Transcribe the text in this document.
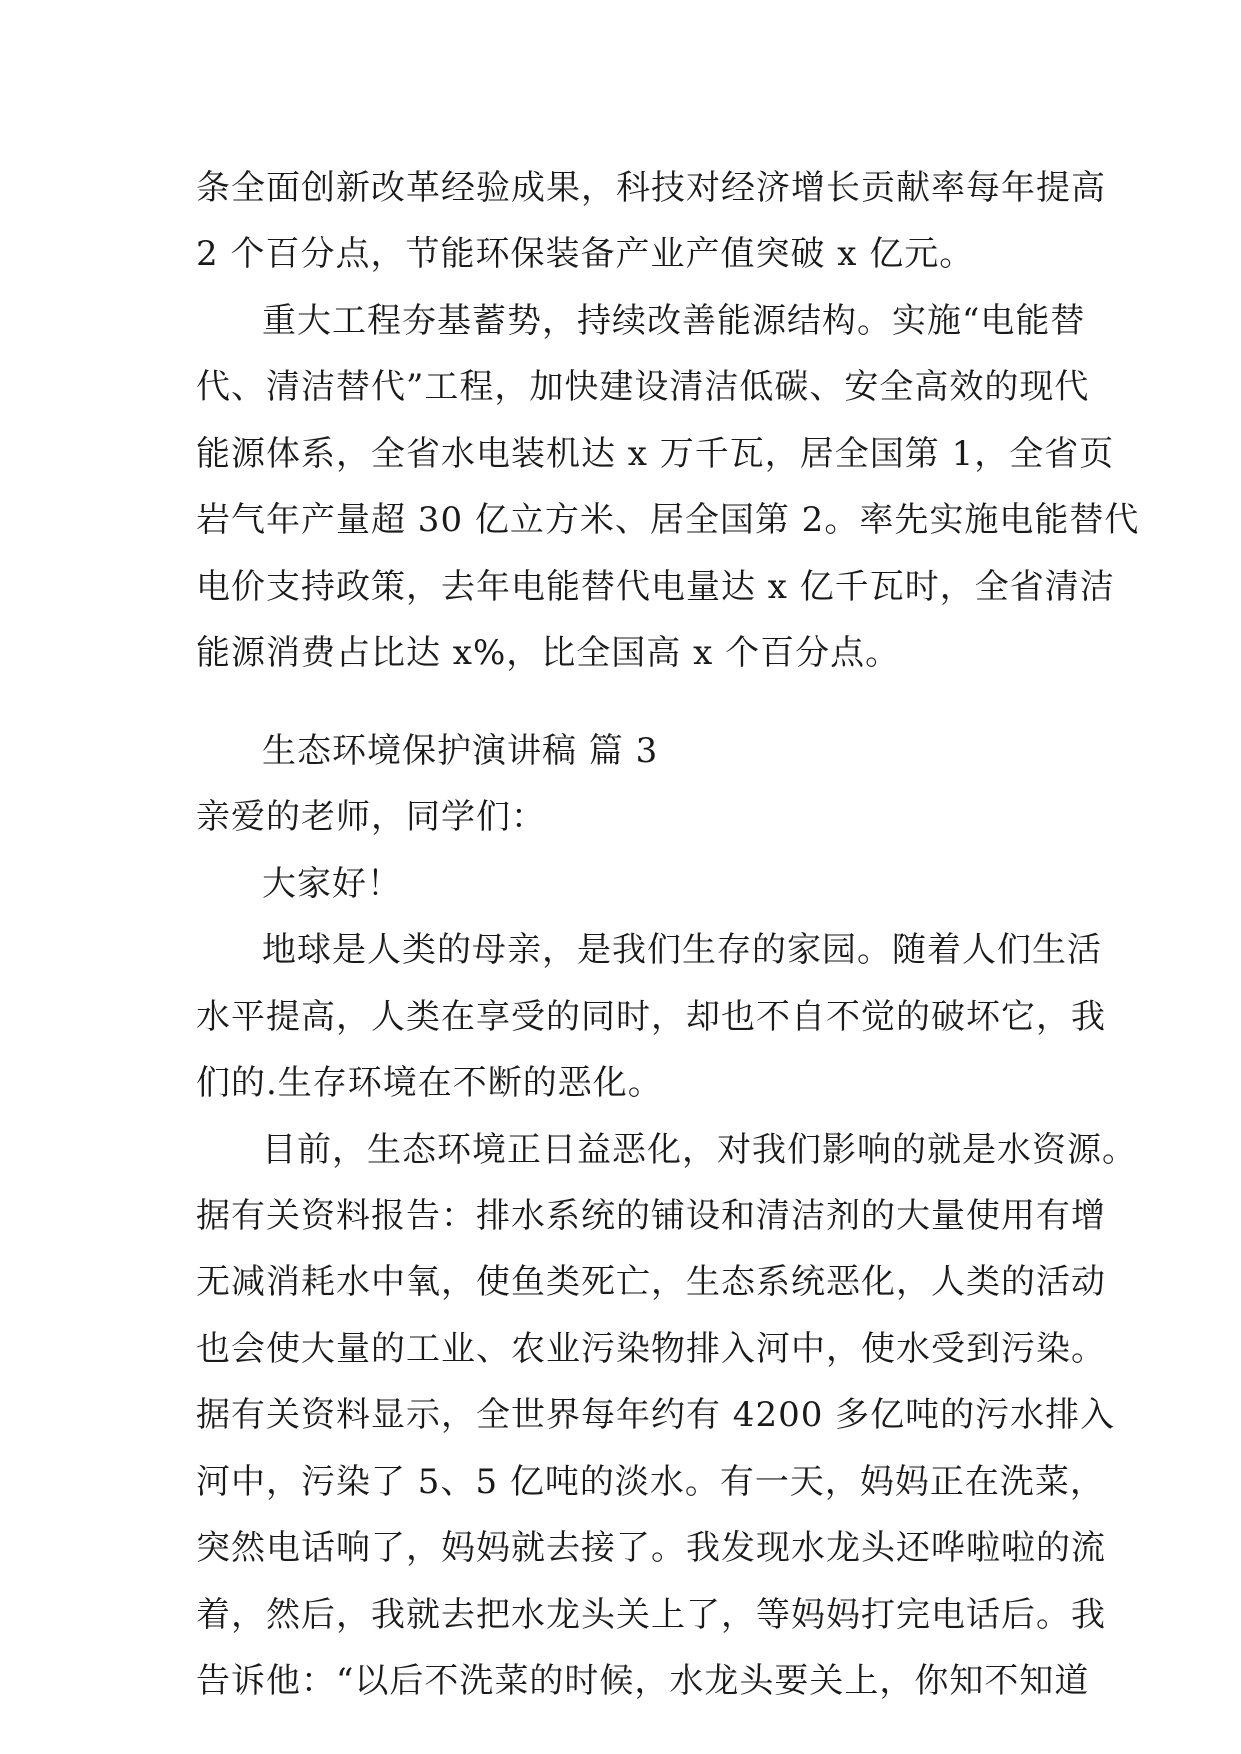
条全面创新改革经验成果，科技对经济增长贡献率每年提高
2 个百分点，节能环保装备产业产值突破 x 亿元。
重大工程夯基蓄势，持续改善能源结构。实施“电能替
代、清洁替代”工程，加快建设清洁低碳、安全高效的现代
能源体系，全省水电装机达 x 万千瓦，居全国第 1，全省页
岩气年产量超 30 亿立方米、居全国第 2。率先实施电能替代
电价支持政策，去年电能替代电量达 x 亿千瓦时，全省清洁
能源消费占比达 x%，比全国高 x 个百分点。
生态环境保护演讲稿 篇 3
亲爱的老师，同学们：
大家好！
地球是人类的母亲，是我们生存的家园。随着人们生活
水平提高，人类在享受的同时，却也不自不觉的破坏它，我
们的.生存环境在不断的恶化。
目前，生态环境正日益恶化，对我们影响的就是水资源。
据有关资料报告：排水系统的铺设和清洁剂的大量使用有增
无减消耗水中氧，使鱼类死亡，生态系统恶化，人类的活动
也会使大量的工业、农业污染物排入河中，使水受到污染。
据有关资料显示，全世界每年约有 4200 多亿吨的污水排入
河中，污染了 5、5 亿吨的淡水。有一天，妈妈正在洗菜，
突然电话响了，妈妈就去接了。我发现水龙头还哗啦啦的流
着，然后，我就去把水龙头关上了，等妈妈打完电话后。我
告诉他：“以后不洗菜的时候，水龙头要关上，你知不知道
